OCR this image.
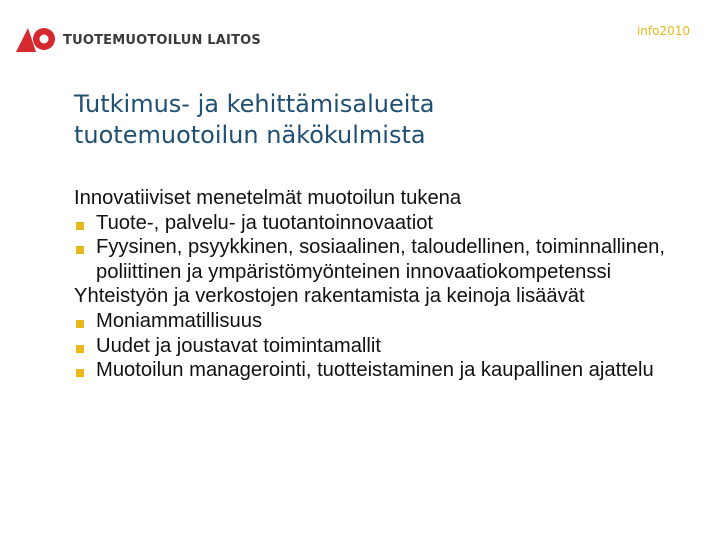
TUOTEMUOTOILUN LAITOS
info2010
Tutkimus- ja kehittämisalueita
tuotemuotoilun näkökulmista

Innovatiiviset menetelmät muotoilun tukena

Tuote-, palvelu- ja tuotantoinnovaatiot
Fyysinen, psyykkinen, sosiaalinen, taloudellinen, toiminnallinen, poliittinen ja ympäristömyönteinen innovaatiokompetenssi

Yhteistyön ja verkostojen rakentamista ja keinoja lisäävät

Moniammatillisuus
Uudet ja joustavat toimintamallit
Muotoilun managerointi, tuotteistaminen ja kaupallinen ajattelu
